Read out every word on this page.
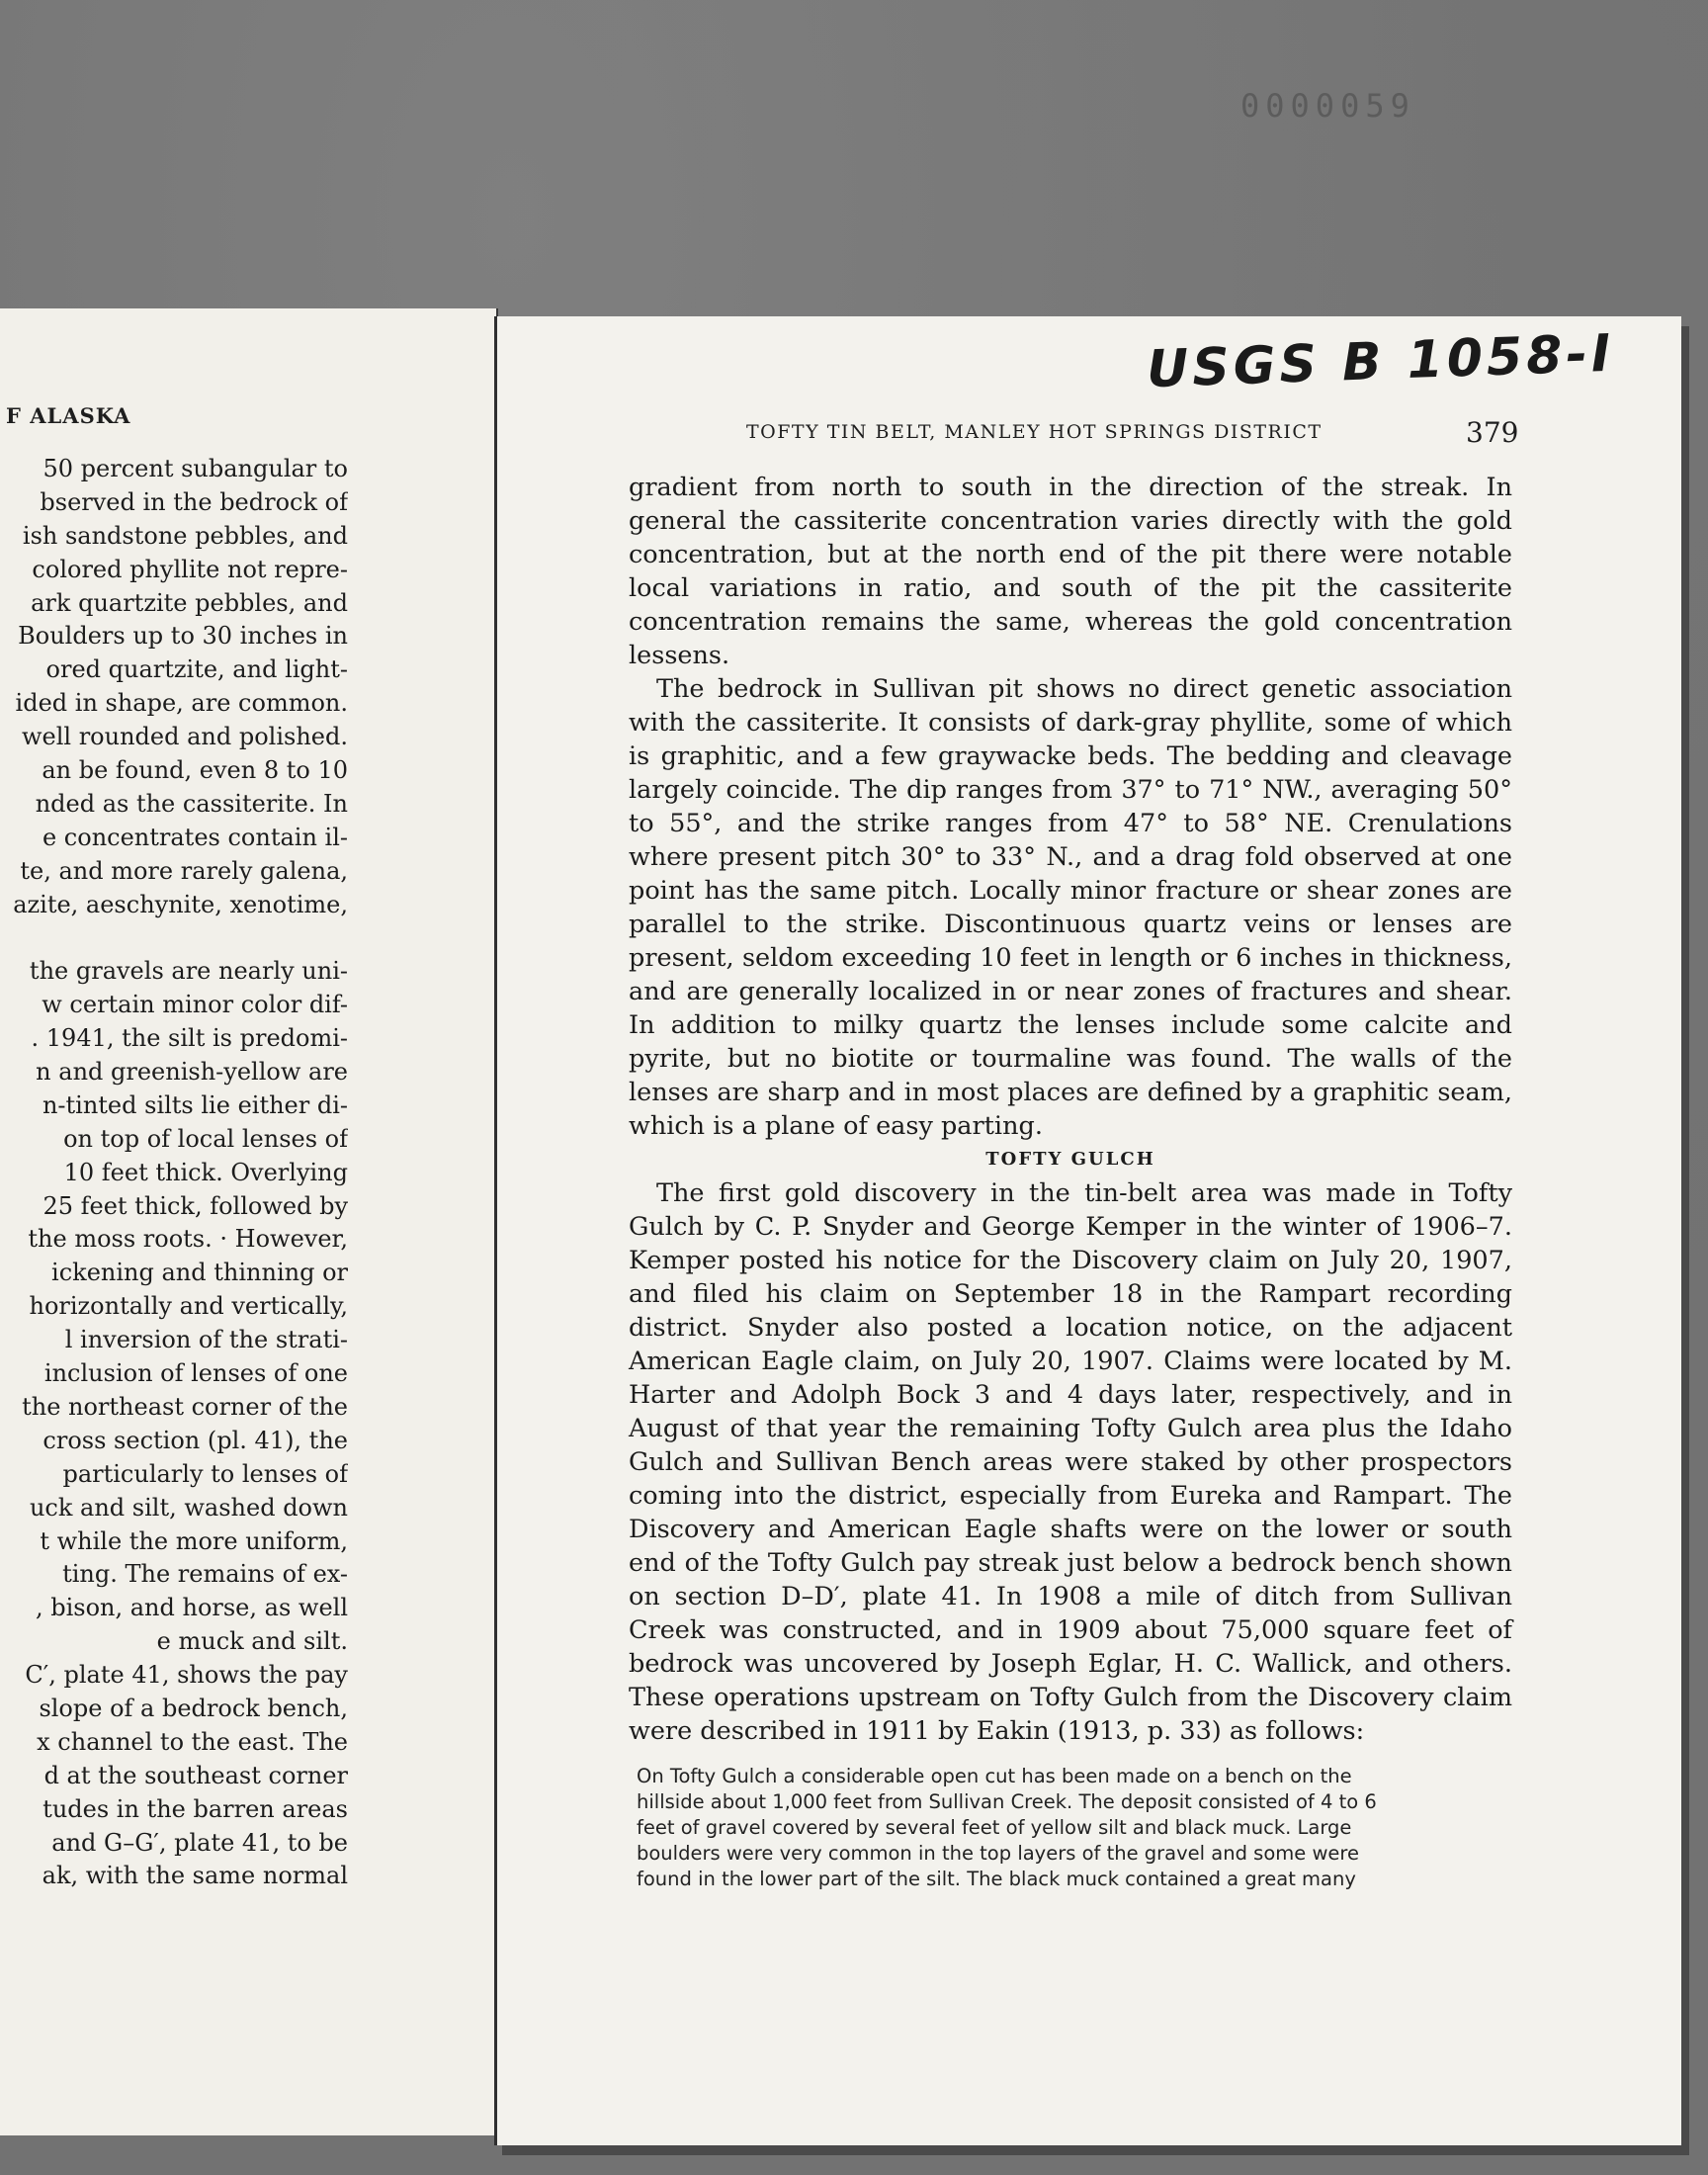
0000059
F ALASKA
50 percent subangular to
bserved in the bedrock of
ish sandstone pebbles, and
colored phyllite not repre-
ark quartzite pebbles, and
Boulders up to 30 inches in
ored quartzite, and light-
ided in shape, are common.
well rounded and polished.
an be found, even 8 to 10
nded as the cassiterite. In
e concentrates contain il-
te, and more rarely galena,
azite, aeschynite, xenotime,
the gravels are nearly uni-
w certain minor color dif-
. 1941, the silt is predomi-
n and greenish-yellow are
n-tinted silts lie either di-
on top of local lenses of
10 feet thick. Overlying
25 feet thick, followed by
the moss roots. · However,
ickening and thinning or
horizontally and vertically,
l inversion of the strati-
inclusion of lenses of one
the northeast corner of the
cross section (pl. 41), the
particularly to lenses of
uck and silt, washed down
t while the more uniform,
ting. The remains of ex-
, bison, and horse, as well
e muck and silt.
C′, plate 41, shows the pay
slope of a bedrock bench,
x channel to the east. The
d at the southeast corner
tudes in the barren areas
and G–G′, plate 41, to be
ak, with the same normal
USGS B 1058-I
TOFTY TIN BELT, MANLEY HOT SPRINGS DISTRICT	379

gradient from north to south in the direction of the streak. In general the cassiterite concentration varies directly with the gold concentration, but at the north end of the pit there were notable local variations in ratio, and south of the pit the cassiterite concentration remains the same, whereas the gold concentration lessens.

The bedrock in Sullivan pit shows no direct genetic association with the cassiterite. It consists of dark-gray phyllite, some of which is graphitic, and a few graywacke beds. The bedding and cleavage largely coincide. The dip ranges from 37° to 71° NW., averaging 50° to 55°, and the strike ranges from 47° to 58° NE. Crenulations where present pitch 30° to 33° N., and a drag fold observed at one point has the same pitch. Locally minor fracture or shear zones are parallel to the strike. Discontinuous quartz veins or lenses are present, seldom exceeding 10 feet in length or 6 inches in thickness, and are generally localized in or near zones of fractures and shear. In addition to milky quartz the lenses include some calcite and pyrite, but no biotite or tourmaline was found. The walls of the lenses are sharp and in most places are defined by a graphitic seam, which is a plane of easy parting.

TOFTY GULCH

The first gold discovery in the tin-belt area was made in Tofty Gulch by C. P. Snyder and George Kemper in the winter of 1906–7. Kemper posted his notice for the Discovery claim on July 20, 1907, and filed his claim on September 18 in the Rampart recording district. Snyder also posted a location notice, on the adjacent American Eagle claim, on July 20, 1907. Claims were located by M. Harter and Adolph Bock 3 and 4 days later, respectively, and in August of that year the remaining Tofty Gulch area plus the Idaho Gulch and Sullivan Bench areas were staked by other prospectors coming into the district, especially from Eureka and Rampart. The Discovery and American Eagle shafts were on the lower or south end of the Tofty Gulch pay streak just below a bedrock bench shown on section D–D′, plate 41. In 1908 a mile of ditch from Sullivan Creek was constructed, and in 1909 about 75,000 square feet of bedrock was uncovered by Joseph Eglar, H. C. Wallick, and others. These operations upstream on Tofty Gulch from the Discovery claim were described in 1911 by Eakin (1913, p. 33) as follows:

On Tofty Gulch a considerable open cut has been made on a bench on the
hillside about 1,000 feet from Sullivan Creek. The deposit consisted of 4 to 6
feet of gravel covered by several feet of yellow silt and black muck. Large
boulders were very common in the top layers of the gravel and some were
found in the lower part of the silt. The black muck contained a great many
